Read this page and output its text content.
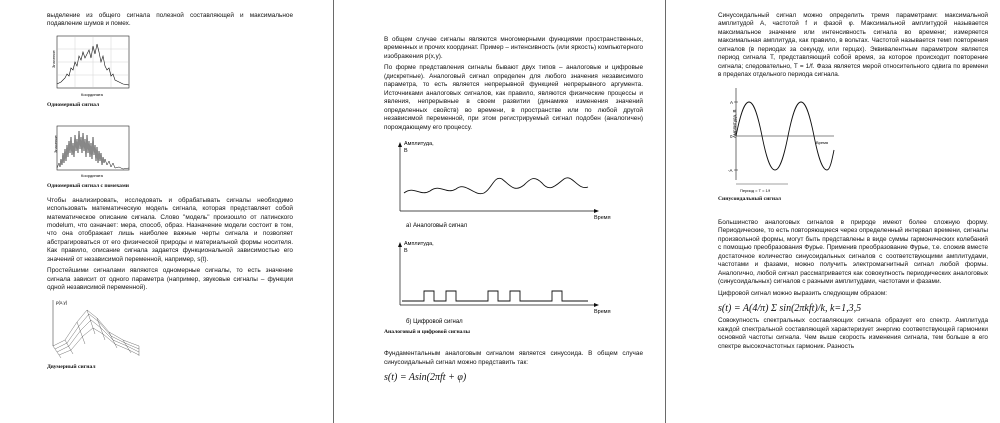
выделение из общего сигнала полезной составляющей и максимальное подавление шумов и помех.

Значение
Координата
Одномерный сигнал
Значение
Координата
Одномерный сигнал с помехами

Чтобы анализировать, исследовать и обрабатывать сигналы необходимо использовать математическую модель сигнала, которая представляет собой математическое описание сигнала. Слово "модель" произошло от латинского modelum, что означает: мера, способ, образ. Назначение модели состоит в том, что она отображает лишь наиболее важные черты сигнала и позволяет абстрагироваться от его физической природы и материальной формы носителя. Как правило, описание сигнала задается функциональной зависимостью его значений от независимой переменной, например, s(t).

Простейшими сигналами являются одномерные сигналы, то есть значение сигнала зависит от одного параметра (например, звуковые сигналы – функции одной независимой переменной).

p(x,y)
Двумерный сигнал

В общем случае сигналы являются многомерными функциями пространственных, временных и прочих координат. Пример – интенсивность (или яркость) компьютерного изображения p(x,y).

По форме представления сигналы бывают двух типов – аналоговые и цифровые (дискретные). Аналоговый сигнал определен для любого значения независимого параметра, то есть является непрерывной функцией непрерывного аргумента. Источниками аналоговых сигналов, как правило, являются физические процессы и явления, непрерывные в своем развитии (динамике изменения значений определенных свойств) во времени, в пространстве или по любой другой независимой переменной, при этом регистрируемый сигнал подобен (аналогичен) порождающему его процессу.

Амплитуда,
В
Время
а) Аналоговый сигнал
Амплитуда,
В
Время
б) Цифровой сигнал
Аналоговый и цифровой сигналы

Фундаментальным аналоговым сигналом является синусоида. В общем случае синусоидальный сигнал можно представить так:

s(t) = Asin(2πft + φ)

Синусоидальный сигнал можно определить тремя параметрами: максимальной амплитудой A, частотой f и фазой φ. Максимальной амплитудой называется максимальное значение или интенсивность сигнала во времени; измеряется максимальная амплитуда, как правило, в вольтах. Частотой называется темп повторения сигналов (в периодах за секунду, или герцах). Эквивалентным параметром является период сигнала T, представляющий собой время, за которое происходит повторение сигнала; следовательно, T = 1/f. Фаза является мерой относительного сдвига по времени в пределах отдельного периода сигнала.

Амплитуда, В
A
0
-A
Период = T = 1/f
Время
Синусоидальный сигнал

Большинство аналоговых сигналов в природе имеют более сложную форму. Периодические, то есть повторяющиеся через определенный интервал времени, сигналы произвольной формы, могут быть представлены в виде суммы гармонических колебаний с помощью преобразования Фурье. Применив преобразование Фурье, т.е. сложив вместе достаточное количество синусоидальных сигналов с соответствующими амплитудами, частотами и фазами, можно получить электромагнитный сигнал любой формы. Аналогично, любой сигнал рассматривается как совокупность периодических аналоговых (синусоидальных) сигналов с разными амплитудами, частотами и фазами.

Цифровой сигнал можно выразить следующим образом:

s(t) = A(4/π) Σ sin(2πkft)/k, k=1,3,5

Совокупность спектральных составляющих сигнала образует его спектр. Амплитуда каждой спектральной составляющей характеризует энергию соответствующей гармоники основной частоты сигнала. Чем выше скорость изменения сигнала, тем больше в его спектре высокочастотных гармоник. Разность
